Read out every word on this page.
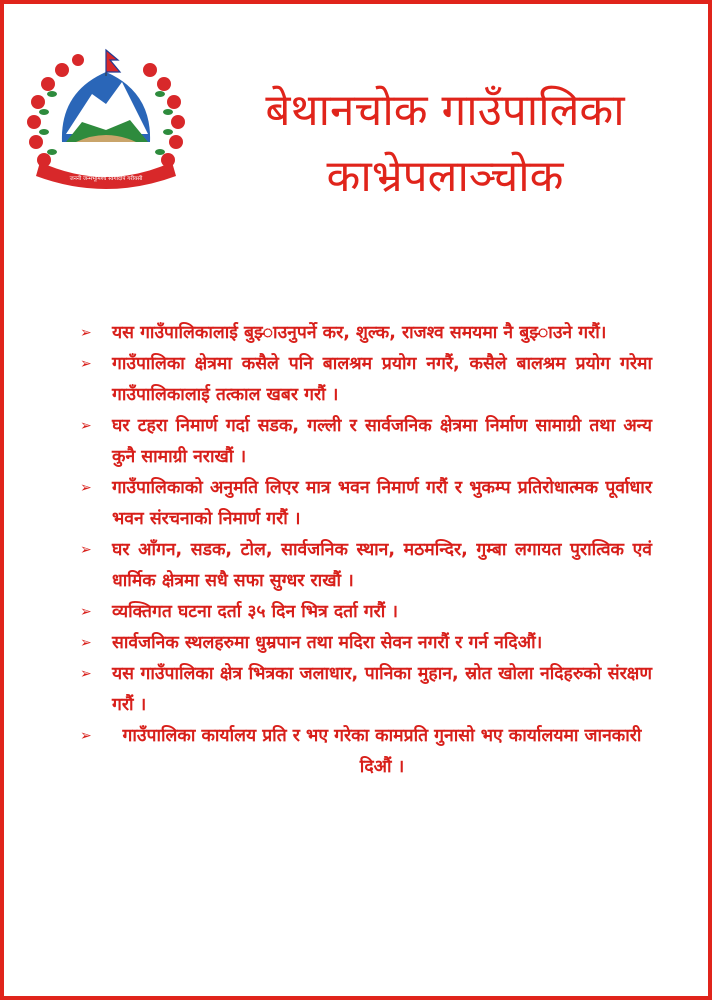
जननी जन्मभूमिश्च स्वर्गादपि गरीयसी
बेथानचोक गाउँपालिका
काभ्रेपलाञ्चोक
➢	यस गाउँपालिकालाई बुझ्‍ाउनुपर्ने कर, शुल्क, राजश्व समयमा नै बुझ्‍ाउने गरौं।
➢	गाउँपालिका क्षेत्रमा कसैले पनि बालश्रम प्रयोग नगरैं, कसैले बालश्रम प्रयोग गरेमा गाउँपालिकालाई तत्काल खबर गरौं ।
➢	घर टहरा निमार्ण गर्दा सडक, गल्ली र सार्वजनिक क्षेत्रमा निर्माण सामाग्री तथा अन्य कुनै सामाग्री नराखौं ।
➢	गाउँपालिकाको अनुमति लिएर मात्र भवन निमार्ण गरौं र भुकम्प प्रतिरोधात्मक पूर्वाधार भवन संरचनाको निमार्ण गरौं ।
➢	घर आँगन, सडक, टोल, सार्वजनिक स्थान, मठमन्दिर, गुम्बा लगायत पुरात्विक एवं धार्मिक क्षेत्रमा सधै सफा सुग्धर राखौं ।
➢	व्यक्तिगत घटना दर्ता ३५ दिन भित्र दर्ता गरौं ।
➢	सार्वजनिक स्थलहरुमा धुम्रपान तथा मदिरा सेवन नगरौं र गर्न नदिऔं।
➢	यस गाउँपालिका क्षेत्र भित्रका जलाधार, पानिका मुहान, स्रोत खोला नदिहरुको संरक्षण गरौं ।
➢	गाउँपालिका कार्यालय प्रति र भए गरेका कामप्रति गुनासो भए कार्यालयमा जानकारी दिऔं ।
